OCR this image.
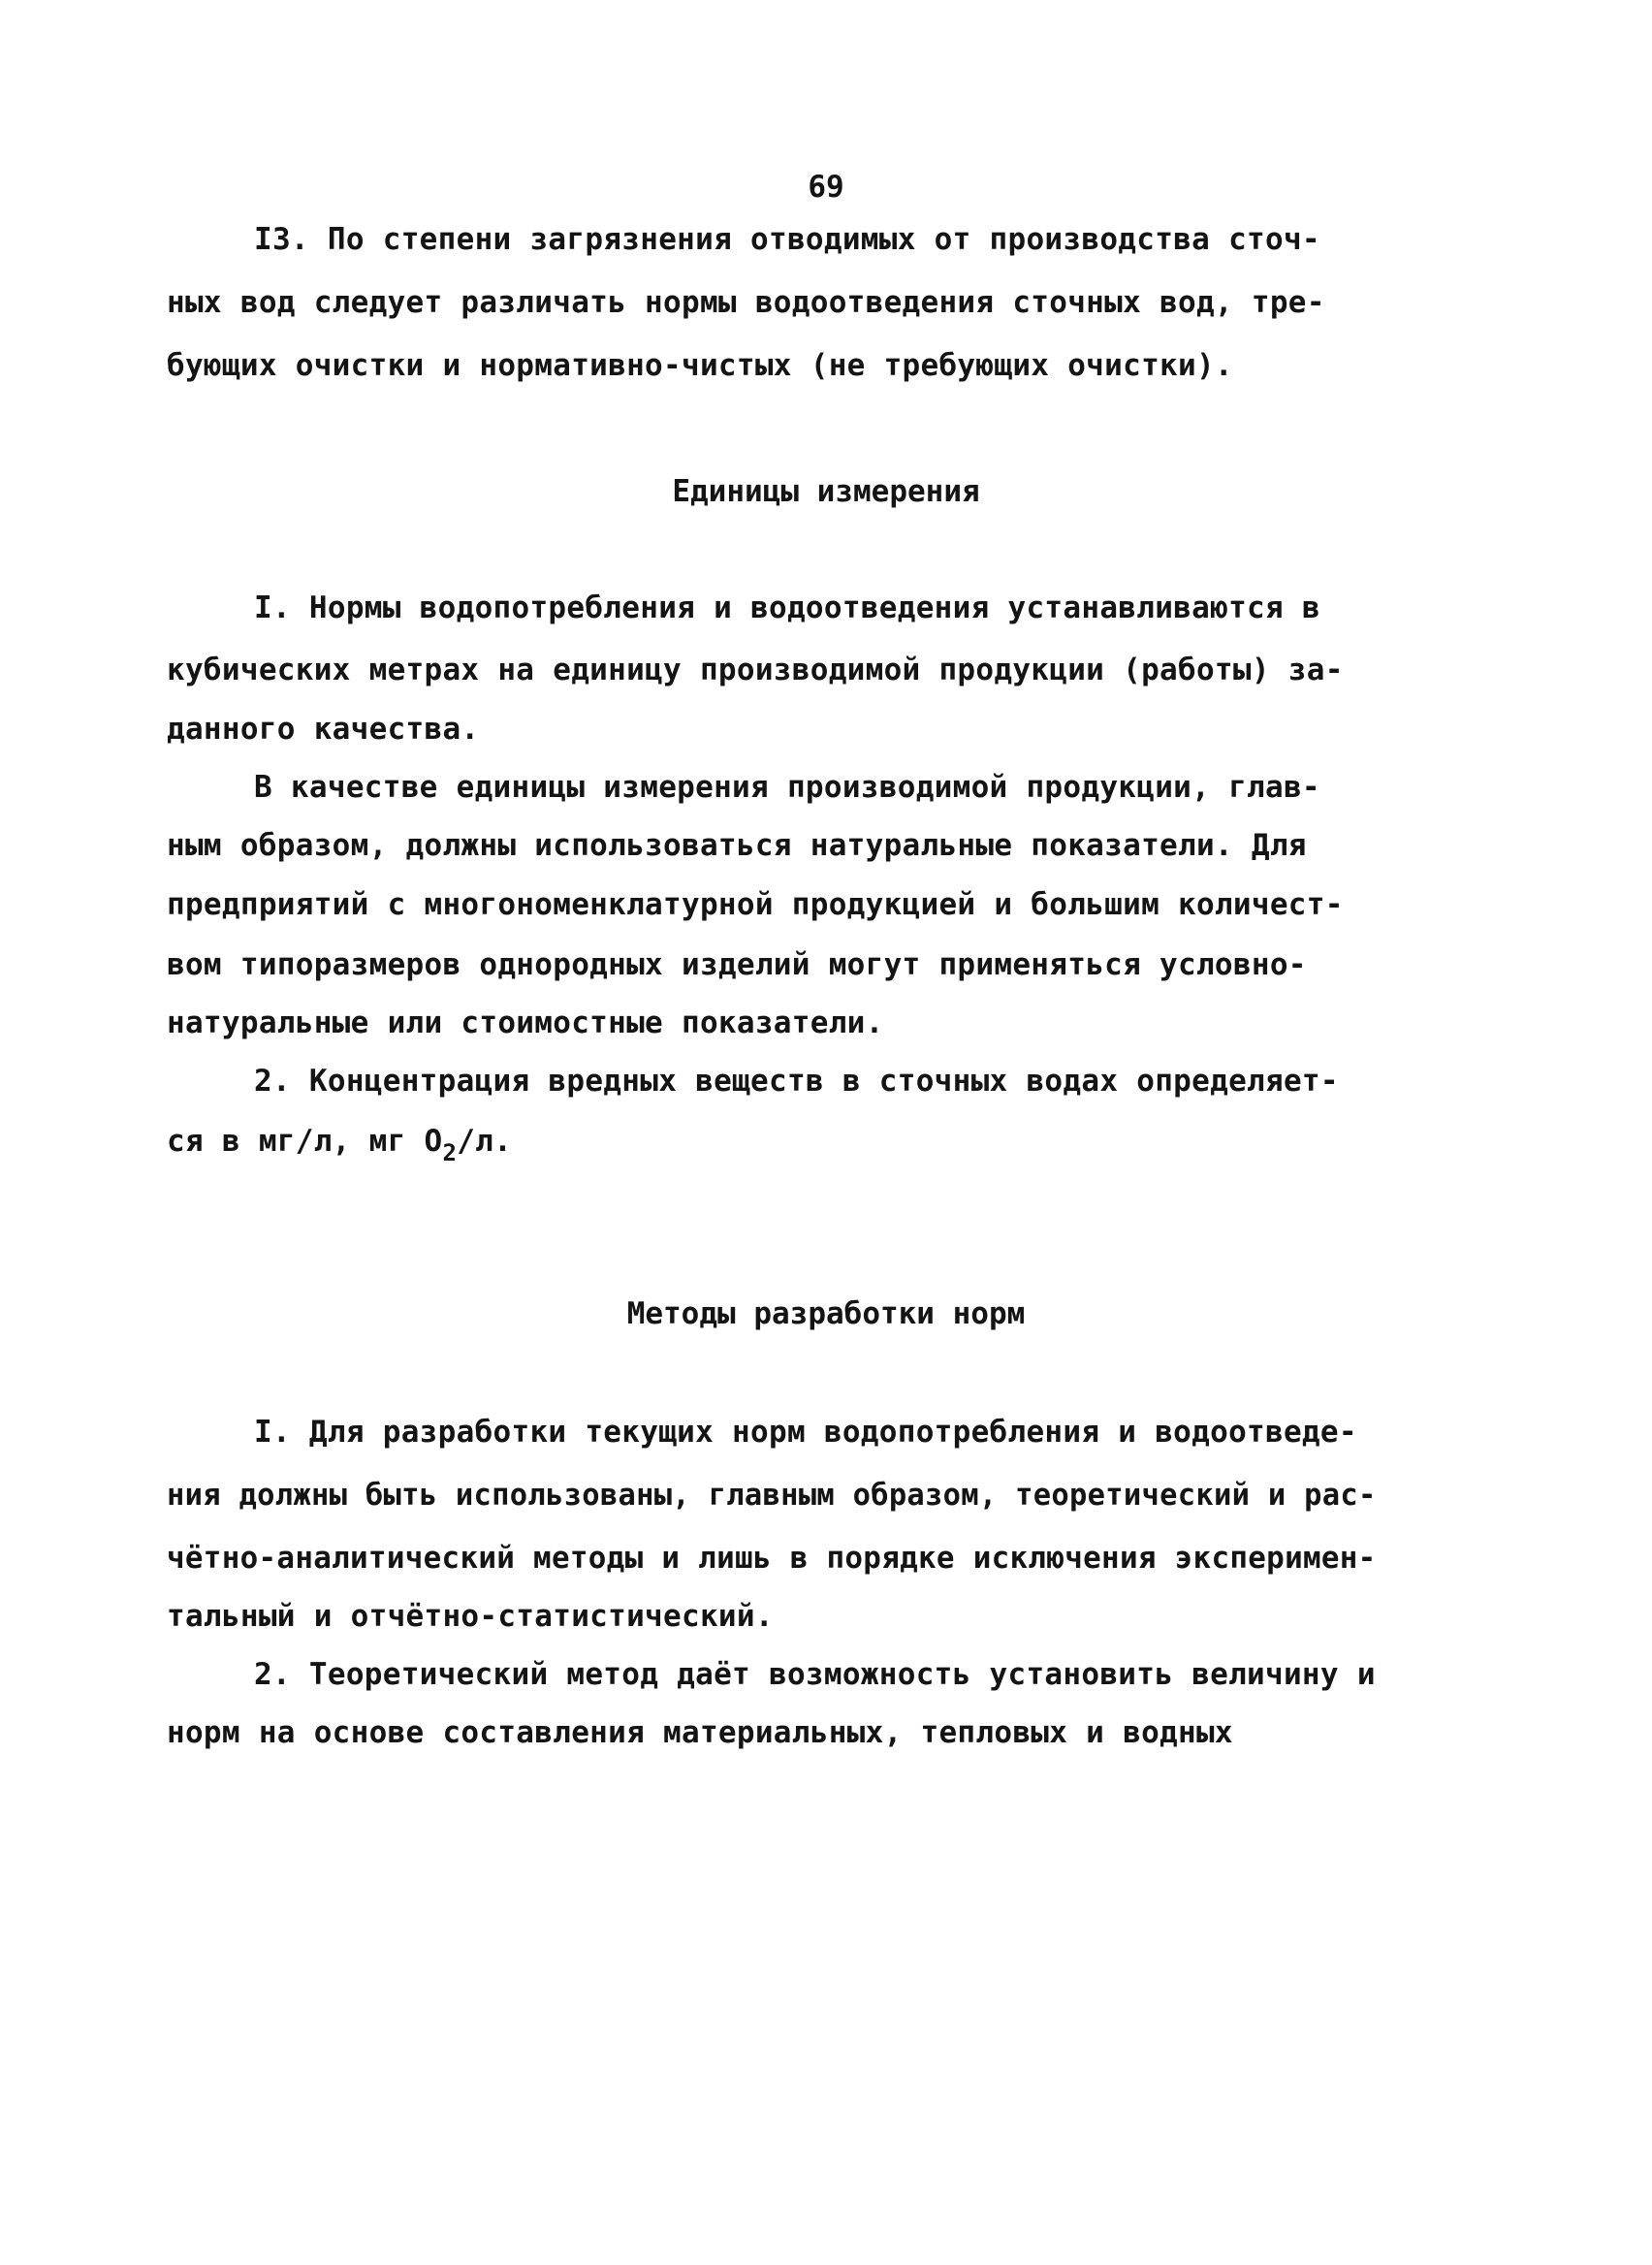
69
I3. По степени загрязнения отводимых от производства сточ-
ных вод следует различать нормы водоотведения сточных вод, тре-
бующих очистки и нормативно-чистых (не требующих очистки).
Единицы измерения
I. Нормы водопотребления и водоотведения устанавливаются в
кубических метрах на единицу производимой продукции (работы) за-
данного качества.
В качестве единицы измерения производимой продукции, глав-
ным образом, должны использоваться натуральные показатели. Для
предприятий с многономенклатурной продукцией и большим количест-
вом типоразмеров однородных изделий могут применяться условно-
натуральные или стоимостные показатели.
2. Концентрация вредных веществ в сточных водах определяет-
ся в мг/л, мг $O_2/л$.
Методы разработки норм
I. Для разработки текущих норм водопотребления и водоотведе-
ния должны быть использованы, главным образом, теоретический и рас-
чётно-аналитический методы и лишь в порядке исключения эксперимен-
тальный и отчётно-статистический.
2. Теоретический метод даёт возможность установить величину и
норм на основе составления материальных, тепловых и водных
